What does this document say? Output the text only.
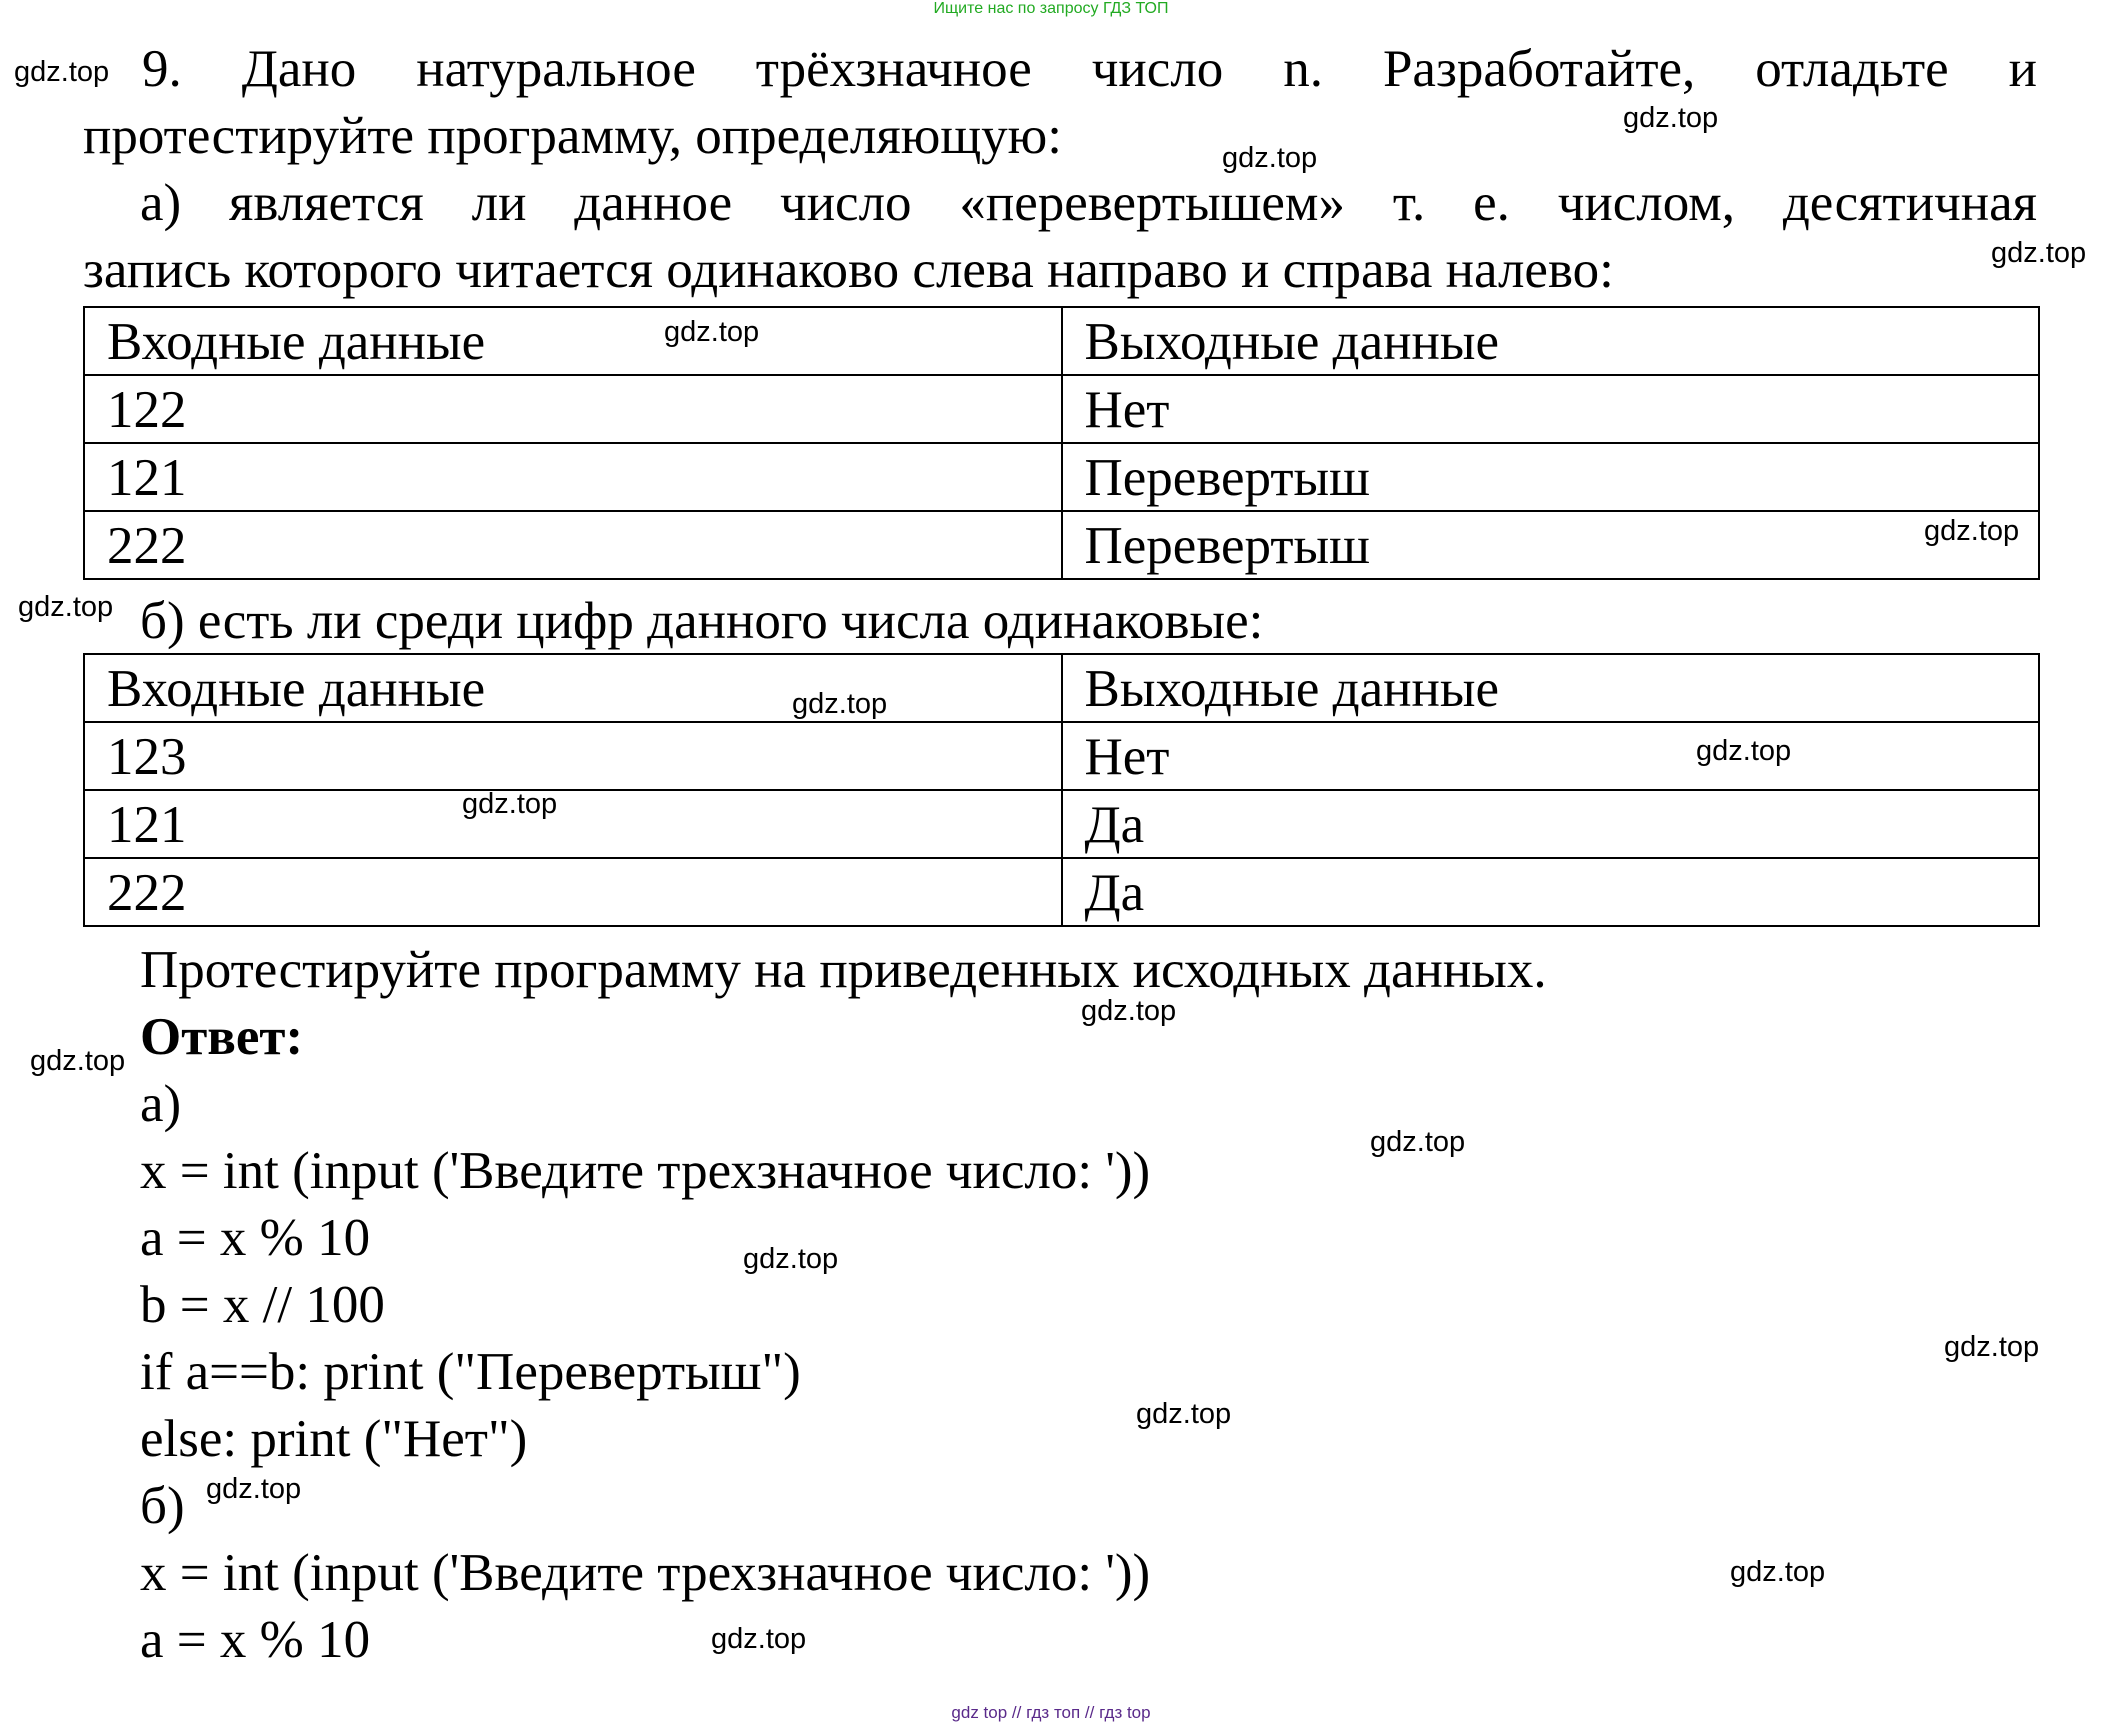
Ищите нас по запросу ГДЗ ТОП
9. Дано натуральное трёхзначное число n. Разработайте, отладьте и
протестируйте программу, определяющую:
а) является ли данное число «перевертышем» т. е. числом, десятичная
запись которого читается одинаково слева направо и справа налево:
Входные данные	Выходные данные
122	Нет
121	Перевертыш
222	Перевертыш
б) есть ли среди цифр данного числа одинаковые:
Входные данные	Выходные данные
123	Нет
121	Да
222	Да
Протестируйте программу на приведенных исходных данных.
Ответ:
а)
x = int (input ('Введите трехзначное число: '))
a = x % 10
b = x // 100
if a==b: print ("Перевертыш")
else: print ("Нет")
б)
x = int (input ('Введите трехзначное число: '))
a = x % 10
gdz.top
gdz.top
gdz.top
gdz.top
gdz.top
gdz.top
gdz.top
gdz.top
gdz.top
gdz.top
gdz.top
gdz.top
gdz.top
gdz.top
gdz.top
gdz.top
gdz.top
gdz.top
gdz.top
gdz top // гдз топ // гдз top
